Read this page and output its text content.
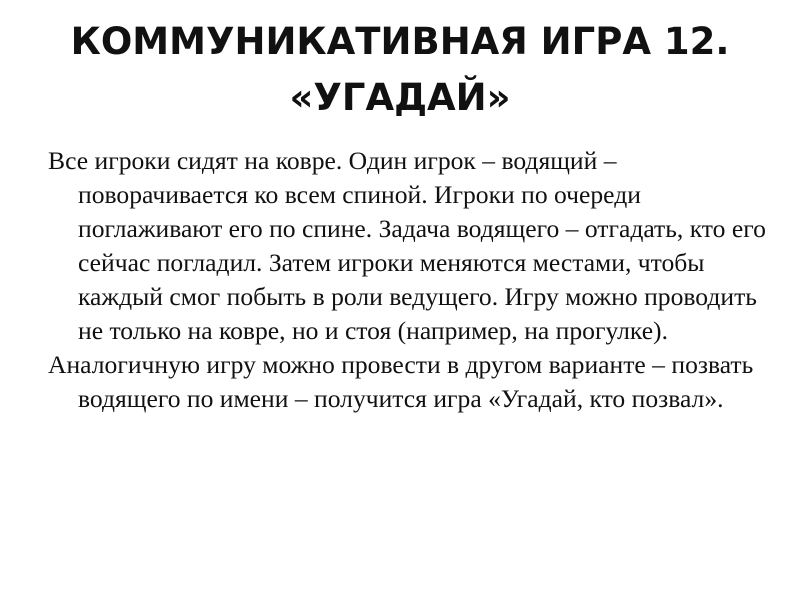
КОММУНИКАТИВНАЯ ИГРА 12.
«УГАДАЙ»

Все игроки сидят на ковре. Один игрок – водящий – поворачивается ко всем спиной. Игроки по очереди поглаживают его по спине. Задача водящего – отгадать, кто его сейчас погладил. Затем игроки меняются местами, чтобы каждый смог побыть в роли ведущего. Игру можно проводить не только на ковре, но и стоя (например, на прогулке).

Аналогичную игру можно провести в другом варианте – позвать водящего по имени – получится игра «Угадай, кто позвал».
